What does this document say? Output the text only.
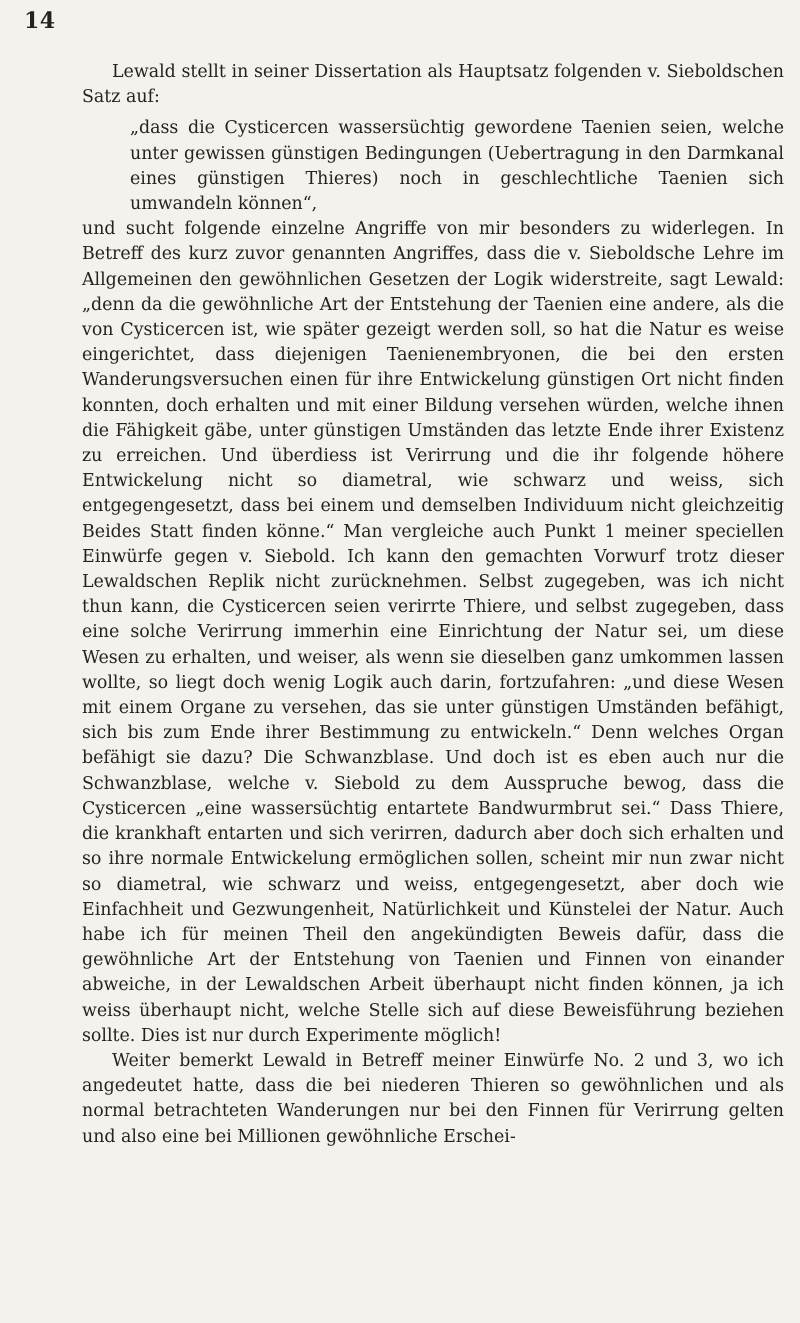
14

Lewald stellt in seiner Dissertation als Hauptsatz folgenden v. Sieboldschen Satz auf:

„dass die Cysticercen wassersüchtig gewordene Taenien seien, welche unter gewissen günstigen Bedingungen (Uebertragung in den Darmkanal eines günstigen Thieres) noch in geschlechtliche Taenien sich umwandeln können“,

und sucht folgende einzelne Angriffe von mir besonders zu widerlegen. In Betreff des kurz zuvor genannten Angriffes, dass die v. Sieboldsche Lehre im Allgemeinen den gewöhnlichen Gesetzen der Logik widerstreite, sagt Lewald: „denn da die gewöhnliche Art der Entstehung der Taenien eine andere, als die von Cysticercen ist, wie später gezeigt werden soll, so hat die Natur es weise eingerichtet, dass diejenigen Taenienembryonen, die bei den ersten Wanderungsversuchen einen für ihre Entwickelung günstigen Ort nicht finden konnten, doch erhalten und mit einer Bildung versehen würden, welche ihnen die Fähigkeit gäbe, unter günstigen Umständen das letzte Ende ihrer Existenz zu erreichen. Und überdiess ist Verirrung und die ihr folgende höhere Entwickelung nicht so diametral, wie schwarz und weiss, sich entgegengesetzt, dass bei einem und demselben Individuum nicht gleichzeitig Beides Statt finden könne.“ Man vergleiche auch Punkt 1 meiner speciellen Einwürfe gegen v. Siebold. Ich kann den gemachten Vorwurf trotz dieser Lewaldschen Replik nicht zurücknehmen. Selbst zugegeben, was ich nicht thun kann, die Cysticercen seien verirrte Thiere, und selbst zugegeben, dass eine solche Verirrung immerhin eine Einrichtung der Natur sei, um diese Wesen zu erhalten, und weiser, als wenn sie dieselben ganz umkommen lassen wollte, so liegt doch wenig Logik auch darin, fortzufahren: „und diese Wesen mit einem Organe zu versehen, das sie unter günstigen Umständen befähigt, sich bis zum Ende ihrer Bestimmung zu entwickeln.“ Denn welches Organ befähigt sie dazu? Die Schwanzblase. Und doch ist es eben auch nur die Schwanzblase, welche v. Siebold zu dem Ausspruche bewog, dass die Cysticercen „eine wassersüchtig entartete Bandwurmbrut sei.“ Dass Thiere, die krankhaft entarten und sich verirren, dadurch aber doch sich erhalten und so ihre normale Entwickelung ermöglichen sollen, scheint mir nun zwar nicht so diametral, wie schwarz und weiss, entgegengesetzt, aber doch wie Einfachheit und Gezwungenheit, Natürlichkeit und Künstelei der Natur. Auch habe ich für meinen Theil den angekündigten Beweis dafür, dass die gewöhnliche Art der Entstehung von Taenien und Finnen von einander abweiche, in der Lewaldschen Arbeit überhaupt nicht finden können, ja ich weiss überhaupt nicht, welche Stelle sich auf diese Beweisführung beziehen sollte. Dies ist nur durch Experimente möglich!

Weiter bemerkt Lewald in Betreff meiner Einwürfe No. 2 und 3, wo ich angedeutet hatte, dass die bei niederen Thieren so gewöhnlichen und als normal betrachteten Wanderungen nur bei den Finnen für Verirrung gelten und also eine bei Millionen gewöhnliche Erschei-
